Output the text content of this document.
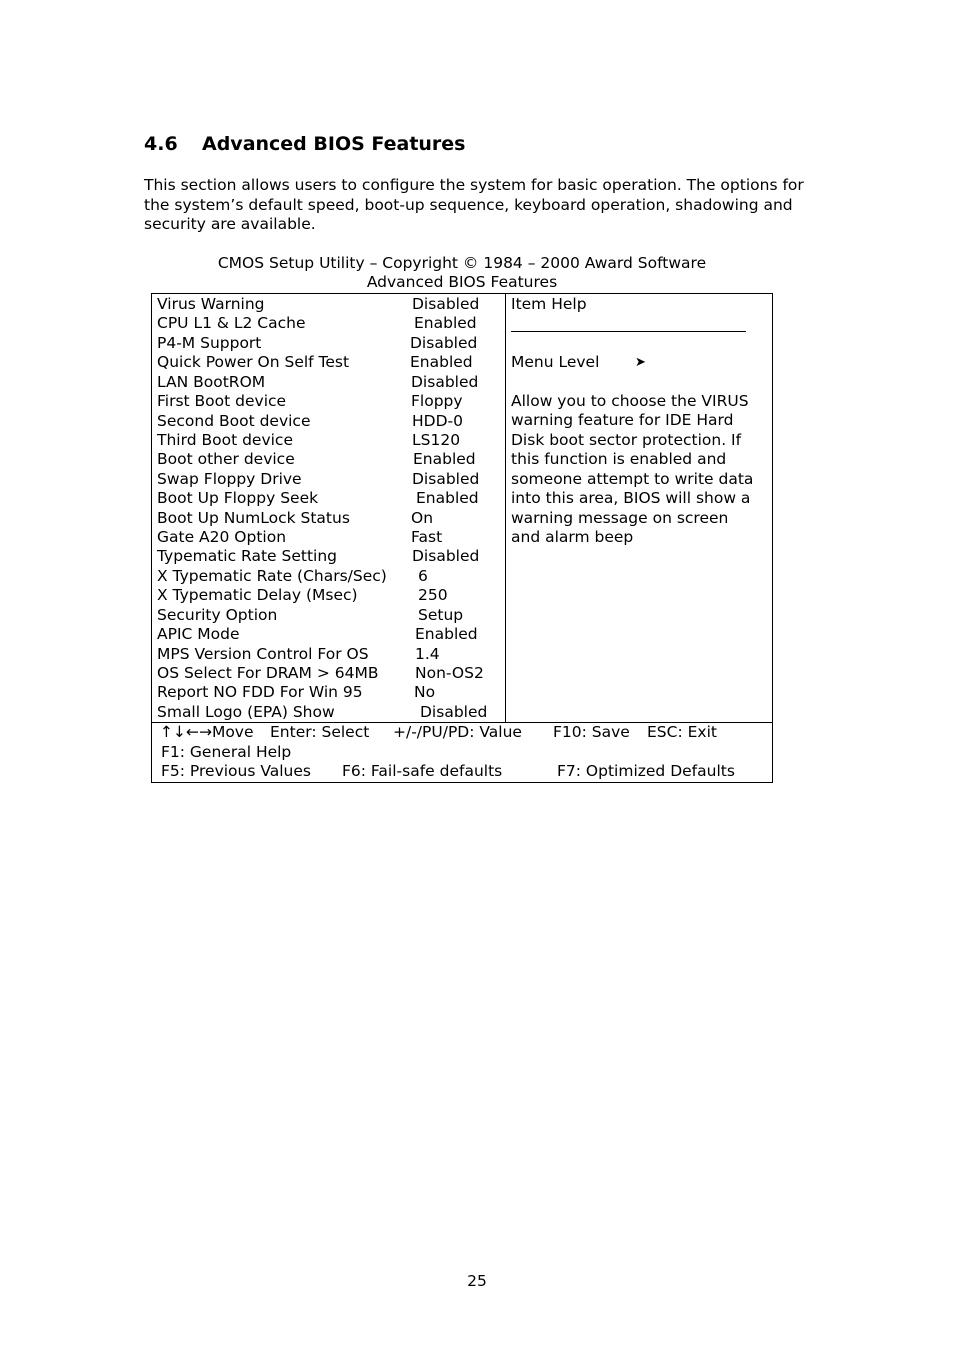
4.6 Advanced BIOS Features
This section allows users to configure the system for basic operation. The options for the system’s default speed, boot-up sequence, keyboard operation, shadowing and security are available.
CMOS Setup Utility – Copyright © 1984 – 2000 Award Software
Advanced BIOS Features
Virus Warning	Disabled
CPU L1 & L2 Cache	Enabled
P4-M Support	Disabled
Quick Power On Self Test	Enabled
LAN BootROM	Disabled
First Boot device	Floppy
Second Boot device	HDD-0
Third Boot device	LS120
Boot other device	Enabled
Swap Floppy Drive	Disabled
Boot Up Floppy Seek	Enabled
Boot Up NumLock Status	On
Gate A20 Option	Fast
Typematic Rate Setting	Disabled
X Typematic Rate (Chars/Sec) 6
X Typematic Delay (Msec)	250
Security Option	Setup
APIC Mode	Enabled
MPS Version Control For OS	1.4
OS Select For DRAM > 64MB Non-OS2
Report NO FDD For Win 95	No
Small Logo (EPA) Show	Disabled
Item Help
Menu Level	➤
Allow you to choose the VIRUS
warning feature for IDE Hard
Disk boot sector protection. If
this function is enabled and
someone attempt to write data
into this area, BIOS will show a
warning message on screen
and alarm beep
↑↓←→Move Enter: Select +/-/PU/PD: Value F10: Save ESC: Exit
F1: General Help
F5: Previous Values F6: Fail-safe defaults	F7: Optimized Defaults
25
